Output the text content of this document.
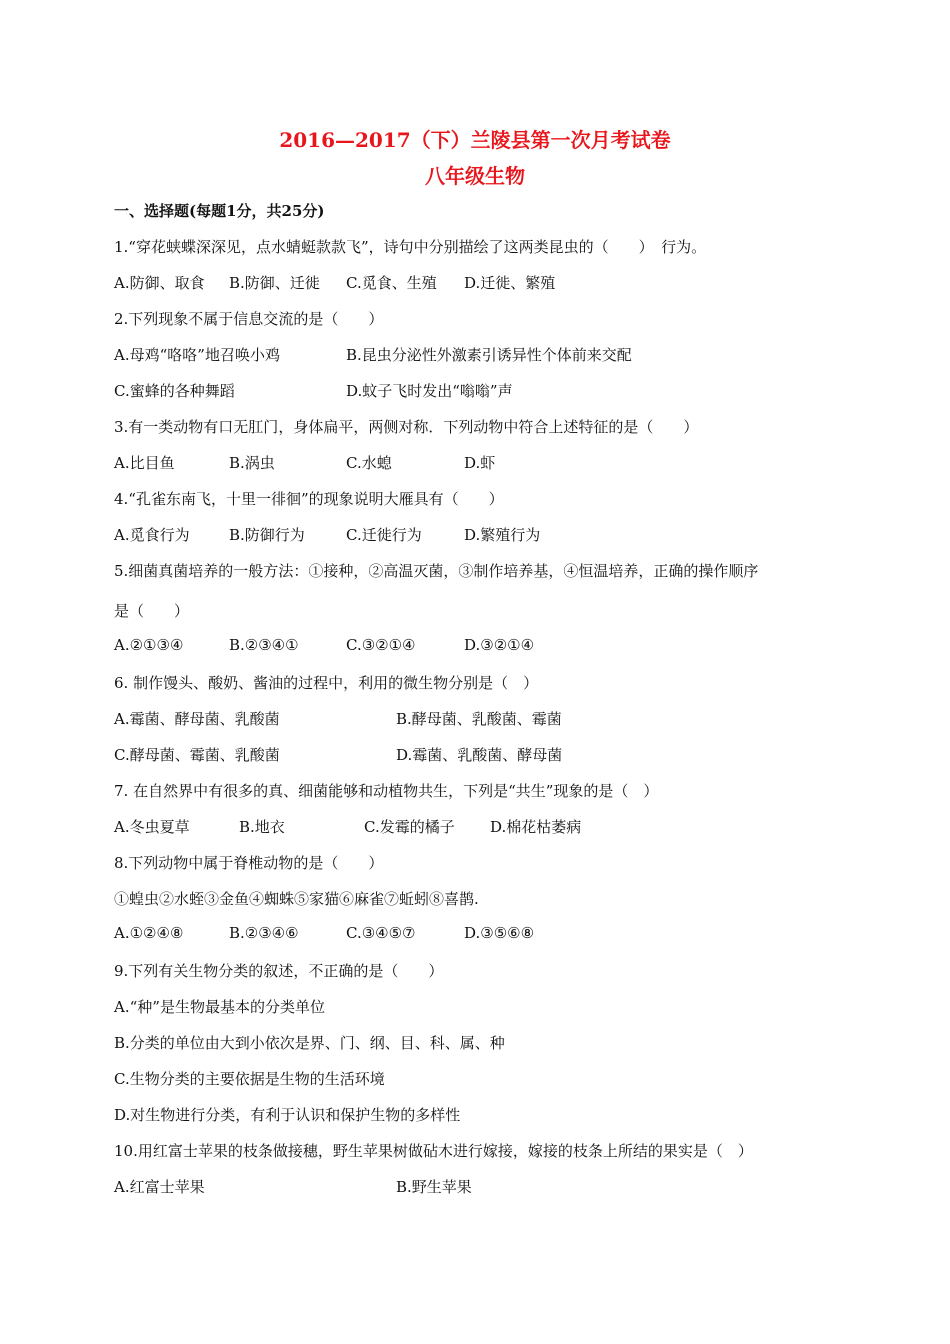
2016—2017（下）兰陵县第一次月考试卷
八年级生物
一、选择题(每题1分，共25分)
1.“穿花蛱蝶深深见，点水蜻蜓款款飞”，诗句中分别描绘了这两类昆虫的（　　）　行为。
A.防御、取食 B.防御、迁徙 C.觅食、生殖 D.迁徙、繁殖
2.下列现象不属于信息交流的是（　　）
A.母鸡“咯咯”地召唤小鸡	B.昆虫分泌性外激素引诱异性个体前来交配
C.蜜蜂的各种舞蹈	D.蚊子飞时发出“嗡嗡”声
3.有一类动物有口无肛门，身体扁平，两侧对称．下列动物中符合上述特征的是（　　）
A.比目鱼	B.涡虫	C.水螅	D.虾
4.“孔雀东南飞，十里一徘徊”的现象说明大雁具有（　　）
A.觅食行为	B.防御行为	C.迁徙行为	D.繁殖行为
5.细菌真菌培养的一般方法：①接种，②高温灭菌，③制作培养基，④恒温培养，正确的操作顺序
是（　　）
A.②①③④	B.②③④①	C.③②①④	D.③②①④
6. 制作馒头、酸奶、酱油的过程中，利用的微生物分别是（　）
A.霉菌、酵母菌、乳酸菌	B.酵母菌、乳酸菌、霉菌
C.酵母菌、霉菌、乳酸菌	D.霉菌、乳酸菌、酵母菌
7. 在自然界中有很多的真、细菌能够和动植物共生，下列是“共生”现象的是（　）
A.冬虫夏草	B.地衣	C.发霉的橘子 D.棉花枯萎病
8.下列动物中属于脊椎动物的是（　　）
①蝗虫②水蛭③金鱼④蜘蛛⑤家猫⑥麻雀⑦蚯蚓⑧喜鹊.
A.①②④⑧	B.②③④⑥	C.③④⑤⑦	D.③⑤⑥⑧
9.下列有关生物分类的叙述，不正确的是（　　）
A.“种”是生物最基本的分类单位
B.分类的单位由大到小依次是界、门、纲、目、科、属、种
C.生物分类的主要依据是生物的生活环境
D.对生物进行分类，有利于认识和保护生物的多样性
10.用红富士苹果的枝条做接穗，野生苹果树做砧木进行嫁接，嫁接的枝条上所结的果实是（　）
A.红富士苹果	B.野生苹果
